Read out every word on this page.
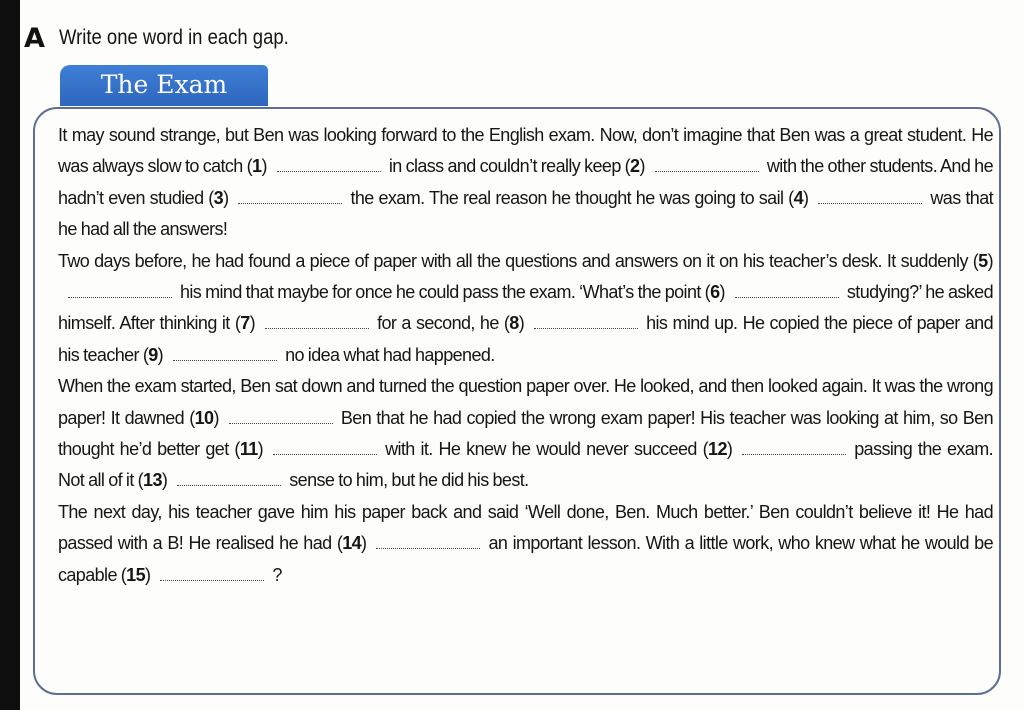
A Write one word in each gap.
The Exam

It may sound strange, but Ben was looking forward to the English exam. Now, don’t imagine that Ben was a great student. He was always slow to catch (1)	in class and couldn’t really keep (2)	with the other students. And he hadn’t even studied (3)	the exam. The real reason he thought he was going to sail (4)	was that he had all the answers!

Two days before, he had found a piece of paper with all the questions and answers on it on his teacher’s desk. It suddenly (5)his mind that maybe for once he could pass the exam. ‘What’s the point (6)	studying?’ he asked himself. After thinking it (7)	for a second, he (8)	his mind up. He copied the piece of paper and his teacher (9)	no idea what had happened.

When the exam started, Ben sat down and turned the question paper over. He looked, and then looked again. It was the wrong paper! It dawned (10)	Ben that he had copied the wrong exam paper! His teacher was looking at him, so Ben thought he’d better get (11)	with it. He knew he would never succeed (12)	passing the exam. Not all of it (13)	sense to him, but he did his best.

The next day, his teacher gave him his paper back and said ‘Well done, Ben. Much better.’ Ben couldn’t believe it! He had passed with a B! He realised he had (14)	an important lesson. With a little work, who knew what he would be capable (15)	?
